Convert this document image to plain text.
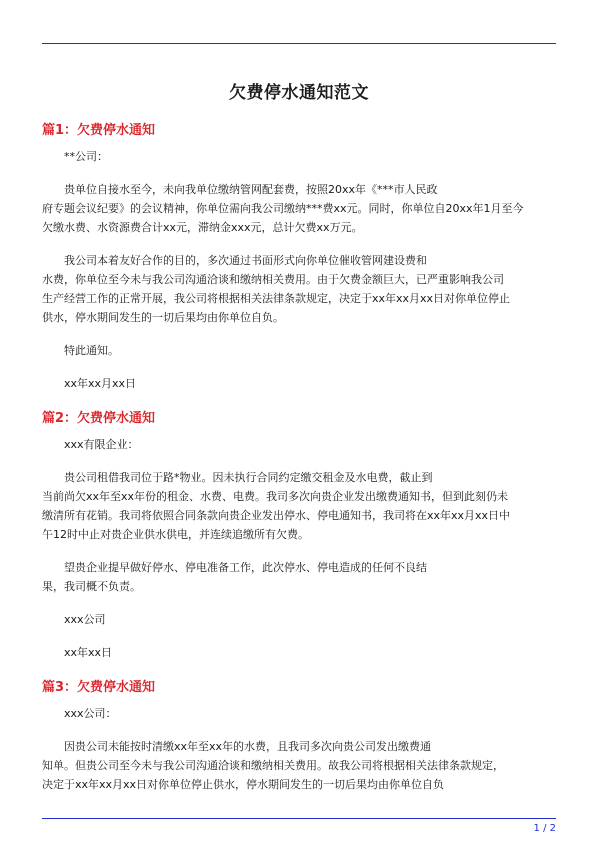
欠费停水通知范文
篇1：欠费停水通知
**公司：
贵单位自接水至今，未向我单位缴纳管网配套费，按照20xx年《***市人民政
府专题会议纪要》的会议精神，你单位需向我公司缴纳***费xx元。同时，你单位自20xx年1月至今
欠缴水费、水资源费合计xx元，滞纳金xxx元，总计欠费xx万元。
我公司本着友好合作的目的，多次通过书面形式向你单位催收管网建设费和
水费，你单位至今未与我公司沟通洽谈和缴纳相关费用。由于欠费金额巨大，已严重影响我公司
生产经营工作的正常开展，我公司将根据相关法律条款规定，决定于xx年xx月xx日对你单位停止
供水，停水期间发生的一切后果均由你单位自负。
特此通知。
xx年xx月xx日
篇2：欠费停水通知
xxx有限企业：
贵公司租借我司位于路*物业。因未执行合同约定缴交租金及水电费，截止到
当前尚欠xx年至xx年份的租金、水费、电费。我司多次向贵企业发出缴费通知书，但到此刻仍未
缴清所有花销。我司将依照合同条款向贵企业发出停水、停电通知书，我司将在xx年xx月xx日中
午12时中止对贵企业供水供电，并连续追缴所有欠费。
望贵企业提早做好停水、停电准备工作，此次停水、停电造成的任何不良结
果，我司概不负责。
xxx公司
xx年xx日
篇3：欠费停水通知
xxx公司：
因贵公司未能按时清缴xx年至xx年的水费，且我司多次向贵公司发出缴费通
知单。但贵公司至今未与我公司沟通洽谈和缴纳相关费用。故我公司将根据相关法律条款规定，
决定于xx年xx月xx日对你单位停止供水，停水期间发生的一切后果均由你单位自负
1 / 2
